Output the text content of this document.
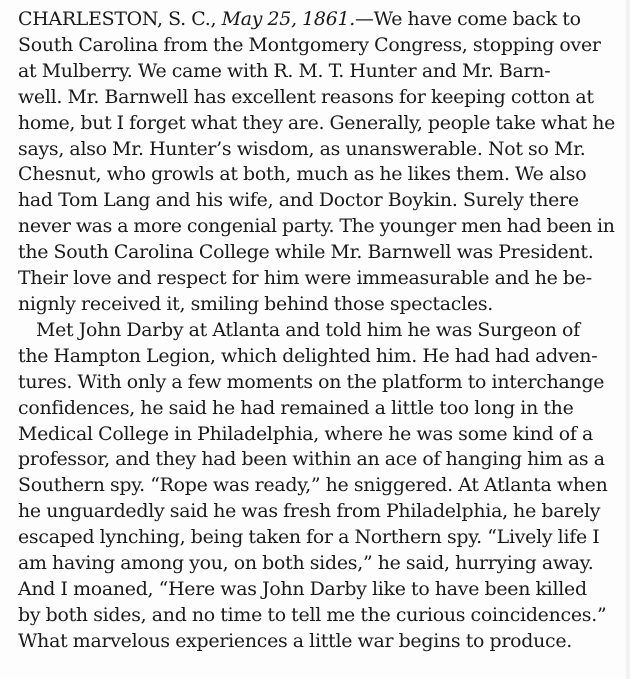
CHARLESTON, S. C., May 25, 1861.—We have come back to
South Carolina from the Montgomery Congress, stopping over
at Mulberry. We came with R. M. T. Hunter and Mr. Barn-
well. Mr. Barnwell has excellent reasons for keeping cotton at
home, but I forget what they are. Generally, people take what he
says, also Mr. Hunter’s wisdom, as unanswerable. Not so Mr.
Chesnut, who growls at both, much as he likes them. We also
had Tom Lang and his wife, and Doctor Boykin. Surely there
never was a more congenial party. The younger men had been in
the South Carolina College while Mr. Barnwell was President.
Their love and respect for him were immeasurable and he be-
nignly received it, smiling behind those spectacles.
Met John Darby at Atlanta and told him he was Surgeon of
the Hampton Legion, which delighted him. He had had adven-
tures. With only a few moments on the platform to interchange
confidences, he said he had remained a little too long in the
Medical College in Philadelphia, where he was some kind of a
professor, and they had been within an ace of hanging him as a
Southern spy. “Rope was ready,” he sniggered. At Atlanta when
he unguardedly said he was fresh from Philadelphia, he barely
escaped lynching, being taken for a Northern spy. “Lively life I
am having among you, on both sides,” he said, hurrying away.
And I moaned, “Here was John Darby like to have been killed
by both sides, and no time to tell me the curious coincidences.”
What marvelous experiences a little war begins to produce.
